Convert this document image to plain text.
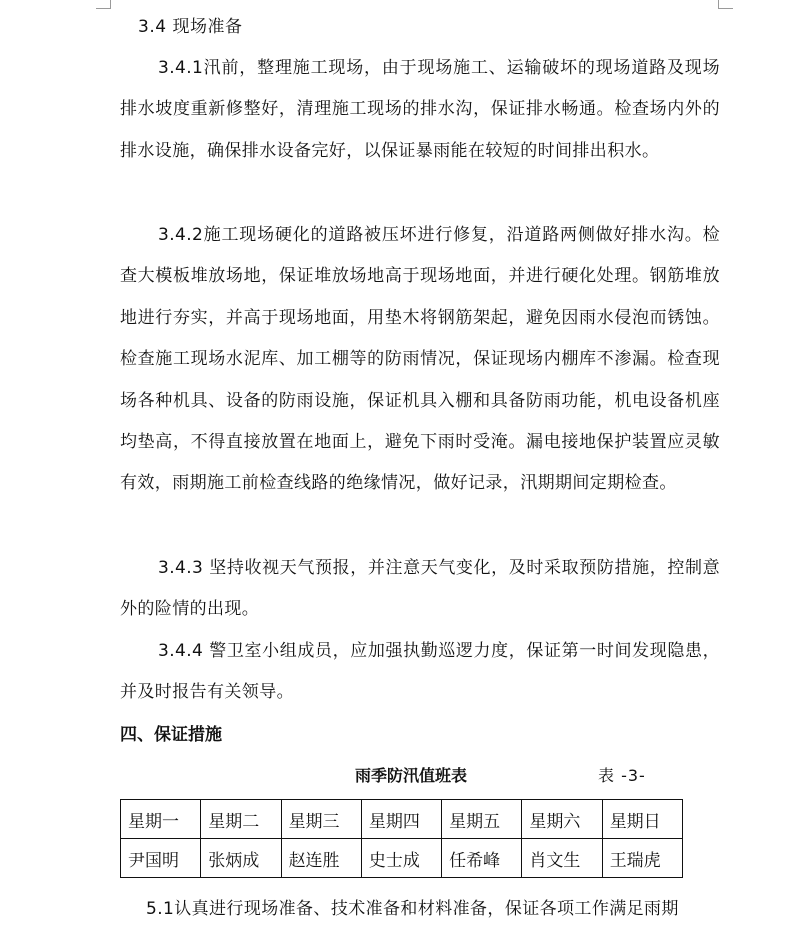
3.4 现场准备

3.4.1汛前，整理施工现场，由于现场施工、运输破坏的现场道路及现场排水坡度重新修整好，清理施工现场的排水沟，保证排水畅通。检查场内外的排水设施，确保排水设备完好，以保证暴雨能在较短的时间排出积水。

3.4.2施工现场硬化的道路被压坏进行修复，沿道路两侧做好排水沟。检查大模板堆放场地，保证堆放场地高于现场地面，并进行硬化处理。钢筋堆放地进行夯实，并高于现场地面，用垫木将钢筋架起，避免因雨水侵泡而锈蚀。检查施工现场水泥库、加工棚等的防雨情况，保证现场内棚库不渗漏。检查现场各种机具、设备的防雨设施，保证机具入棚和具备防雨功能，机电设备机座均垫高，不得直接放置在地面上，避免下雨时受淹。漏电接地保护装置应灵敏有效，雨期施工前检查线路的绝缘情况，做好记录，汛期期间定期检查。

3.4.3 坚持收视天气预报，并注意天气变化，及时采取预防措施，控制意外的险情的出现。

3.4.4 警卫室小组成员，应加强执勤巡逻力度，保证第一时间发现隐患，并及时报告有关领导。

四、保证措施
雨季防汛值班表	表 -3-
星期一	星期二	星期三	星期四	星期五	星期六	星期日
尹国明	张炳成	赵连胜	史士成	任希峰	肖文生	王瑞虎

5.1认真进行现场准备、技术准备和材料准备，保证各项工作满足雨期
